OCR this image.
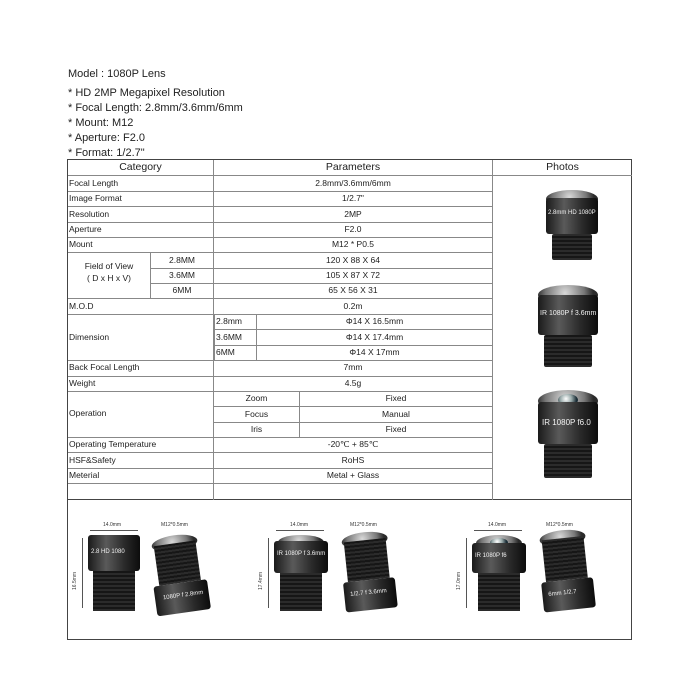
Model : 1080P Lens
* HD 2MP Megapixel Resolution
* Focal Length: 2.8mm/3.6mm/6mm
* Mount: M12
* Aperture: F2.0
* Format: 1/2.7"
Category	Parameters	Photos
Focal Length	2.8mm/3.6mm/6mm
Image Format	1/2.7"
Resolution	2MP
Aperture	F2.0
Mount	M12 * P0.5
Field of View
( D x H x V)
2.8MM	120 X 88 X 64
3.6MM	105 X 87 X 72
6MM	65 X 56 X 31
M.O.D	0.2m
Dimension
2.8mm	Φ14 X 16.5mm
3.6MM	Φ14 X 17.4mm
6MM	Φ14 X 17mm
Back Focal Length	7mm
Weight	4.5g
Operation
Zoom	Fixed
Focus	Manual
Iris	Fixed
Operating Temperature	-20℃ + 85℃
HSF&Safety	RoHS
Meterial	Metal + Glass
2.8mm HD 1080P
IR 1080P f 3.6mm
IR 1080P f6.0
14.0mm	M12*0.5mm
16.5mm
2.8 HD 1080
1080P f 2.8mm
14.0mm	M12*0.5mm
17.4mm
IR 1080P f 3.6mm
1/2.7 f 3.6mm
14.0mm	M12*0.5mm
17.0mm
IR 1080P f6
6mm 1/2.7
